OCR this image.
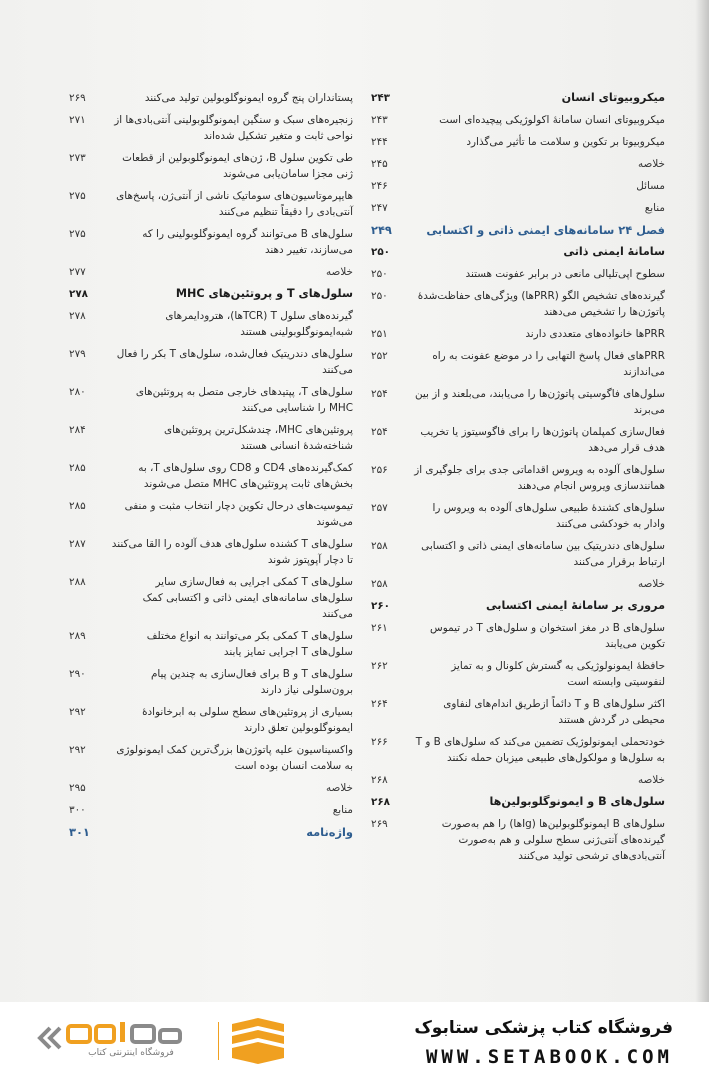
میکروبیوتای انسان
۲۴۳
میکروبیوتای انسان سامانهٔ اکولوژیکی پیچیده‌ای است
۲۴۳
میکروبیوتا بر تکوین و سلامت ما تأثیر می‌گذارد
۲۴۴
خلاصه
۲۴۵
مسائل
۲۴۶
منابع
۲۴۷
فصل ۲۴ سامانه‌های ایمنی ذاتی و اکتسابی
۲۴۹
سامانهٔ ایمنی ذاتی
۲۵۰
سطوح اپی‌تلیالی مانعی در برابر عفونت هستند
۲۵۰
گیرنده‌های تشخیص الگو (PRRها) ویژگی‌های حفاظت‌شدهٔ پاتوژن‌ها را تشخیص می‌دهند
۲۵۰
PRRها خانواده‌های متعددی دارند
۲۵۱
PRRهای فعال پاسخ التهابی را در موضع عفونت به راه می‌اندازند
۲۵۲
سلول‌های فاگوسیتی پاتوژن‌ها را می‌یابند، می‌بلعند و از بین می‌برند
۲۵۴
فعال‌سازی کمپلمان پاتوژن‌ها را برای فاگوسیتوز یا تخریب هدف قرار می‌دهد
۲۵۴
سلول‌های آلوده به ویروس اقداماتی جدی برای جلوگیری از همانندسازی ویروس انجام می‌دهند
۲۵۶
سلول‌های کشندهٔ طبیعی سلول‌های آلوده به ویروس را وادار به خودکشی می‌کنند
۲۵۷
سلول‌های دندریتیک بین سامانه‌های ایمنی ذاتی و اکتسابی ارتباط برقرار می‌کنند
۲۵۸
خلاصه
۲۵۸
مروری بر سامانهٔ ایمنی اکتسابی
۲۶۰
سلول‌های B در مغز استخوان و سلول‌های T در تیموس تکوین می‌یابند
۲۶۱
حافظهٔ ایمونولوژیکی به گسترش کلونال و به تمایز لنفوسیتی وابسته است
۲۶۲
اکثر سلول‌های B و T دائماً ازطریق اندام‌های لنفاوی محیطی در گردش هستند
۲۶۴
خودتحملی ایمونولوژیک تضمین می‌کند که سلول‌های B و T به سلول‌ها و مولکول‌های طبیعی میزبان حمله نکنند
۲۶۶
خلاصه
۲۶۸
سلول‌های B و ایمونوگلوبولین‌ها
۲۶۸
سلول‌های B ایمونوگلوبولین‌ها (Igها) را هم به‌صورت گیرنده‌های آنتی‌ژنی سطح سلولی و هم به‌صورت آنتی‌بادی‌های ترشحی تولید می‌کنند
۲۶۹
پستانداران پنج گروه ایمونوگلوبولین تولید می‌کنند
۲۶۹
زنجیره‌های سبک و سنگین ایمونوگلوبولینی آنتی‌بادی‌ها از نواحی ثابت و متغیر تشکیل شده‌اند
۲۷۱
طی تکوین سلول B، ژن‌های ایمونوگلوبولین از قطعات ژنی مجزا سامان‌یابی می‌شوند
۲۷۳
هایپرموتاسیون‌های سوماتیک ناشی از آنتی‌ژن، پاسخ‌های آنتی‌بادی را دقیقاً تنظیم می‌کنند
۲۷۵
سلول‌های B می‌توانند گروه ایمونوگلوبولینی را که می‌سازند، تغییر دهند
۲۷۵
خلاصه
۲۷۷
سلول‌های T و پروتئین‌های MHC
۲۷۸
گیرنده‌های سلول T (TCRها)، هترودایمرهای شبه‌ایمونوگلوبولینی هستند
۲۷۸
سلول‌های دندریتیک فعال‌شده، سلول‌های T بکر را فعال می‌کنند
۲۷۹
سلول‌های T، پپتیدهای خارجی متصل به پروتئین‌های MHC را شناسایی می‌کنند
۲۸۰
پروتئین‌های MHC، چندشکل‌ترین پروتئین‌های شناخته‌شدهٔ انسانی هستند
۲۸۴
کمک‌گیرنده‌های CD4 و CD8 روی سلول‌های T، به بخش‌های ثابت پروتئین‌های MHC متصل می‌شوند
۲۸۵
تیموسیت‌های درحال تکوین دچار انتخاب مثبت و منفی می‌شوند
۲۸۵
سلول‌های T کشنده سلول‌های هدف آلوده را القا می‌کنند تا دچار آپوپتوز شوند
۲۸۷
سلول‌های T کمکی اجرایی به فعال‌سازی سایر سلول‌های سامانه‌های ایمنی ذاتی و اکتسابی کمک می‌کنند
۲۸۸
سلول‌های T کمکی بکر می‌توانند به انواع مختلف سلول‌های T اجرایی تمایز یابند
۲۸۹
سلول‌های T و B برای فعال‌سازی به چندین پیام برون‌سلولی نیاز دارند
۲۹۰
بسیاری از پروتئین‌های سطح سلولی به ابرخانوادهٔ ایمونوگلوبولین تعلق دارند
۲۹۲
واکسیناسیون علیه پاتوژن‌ها بزرگ‌ترین کمک ایمونولوژی به سلامت انسان بوده است
۲۹۲
خلاصه
۲۹۵
منابع
۳۰۰
واژه‌نامه
۳۰۱
فروشگاه اینترنتی کتاب
فروشگاه کتاب پزشکی ستابوک
WWW.SETABOOK.COM
